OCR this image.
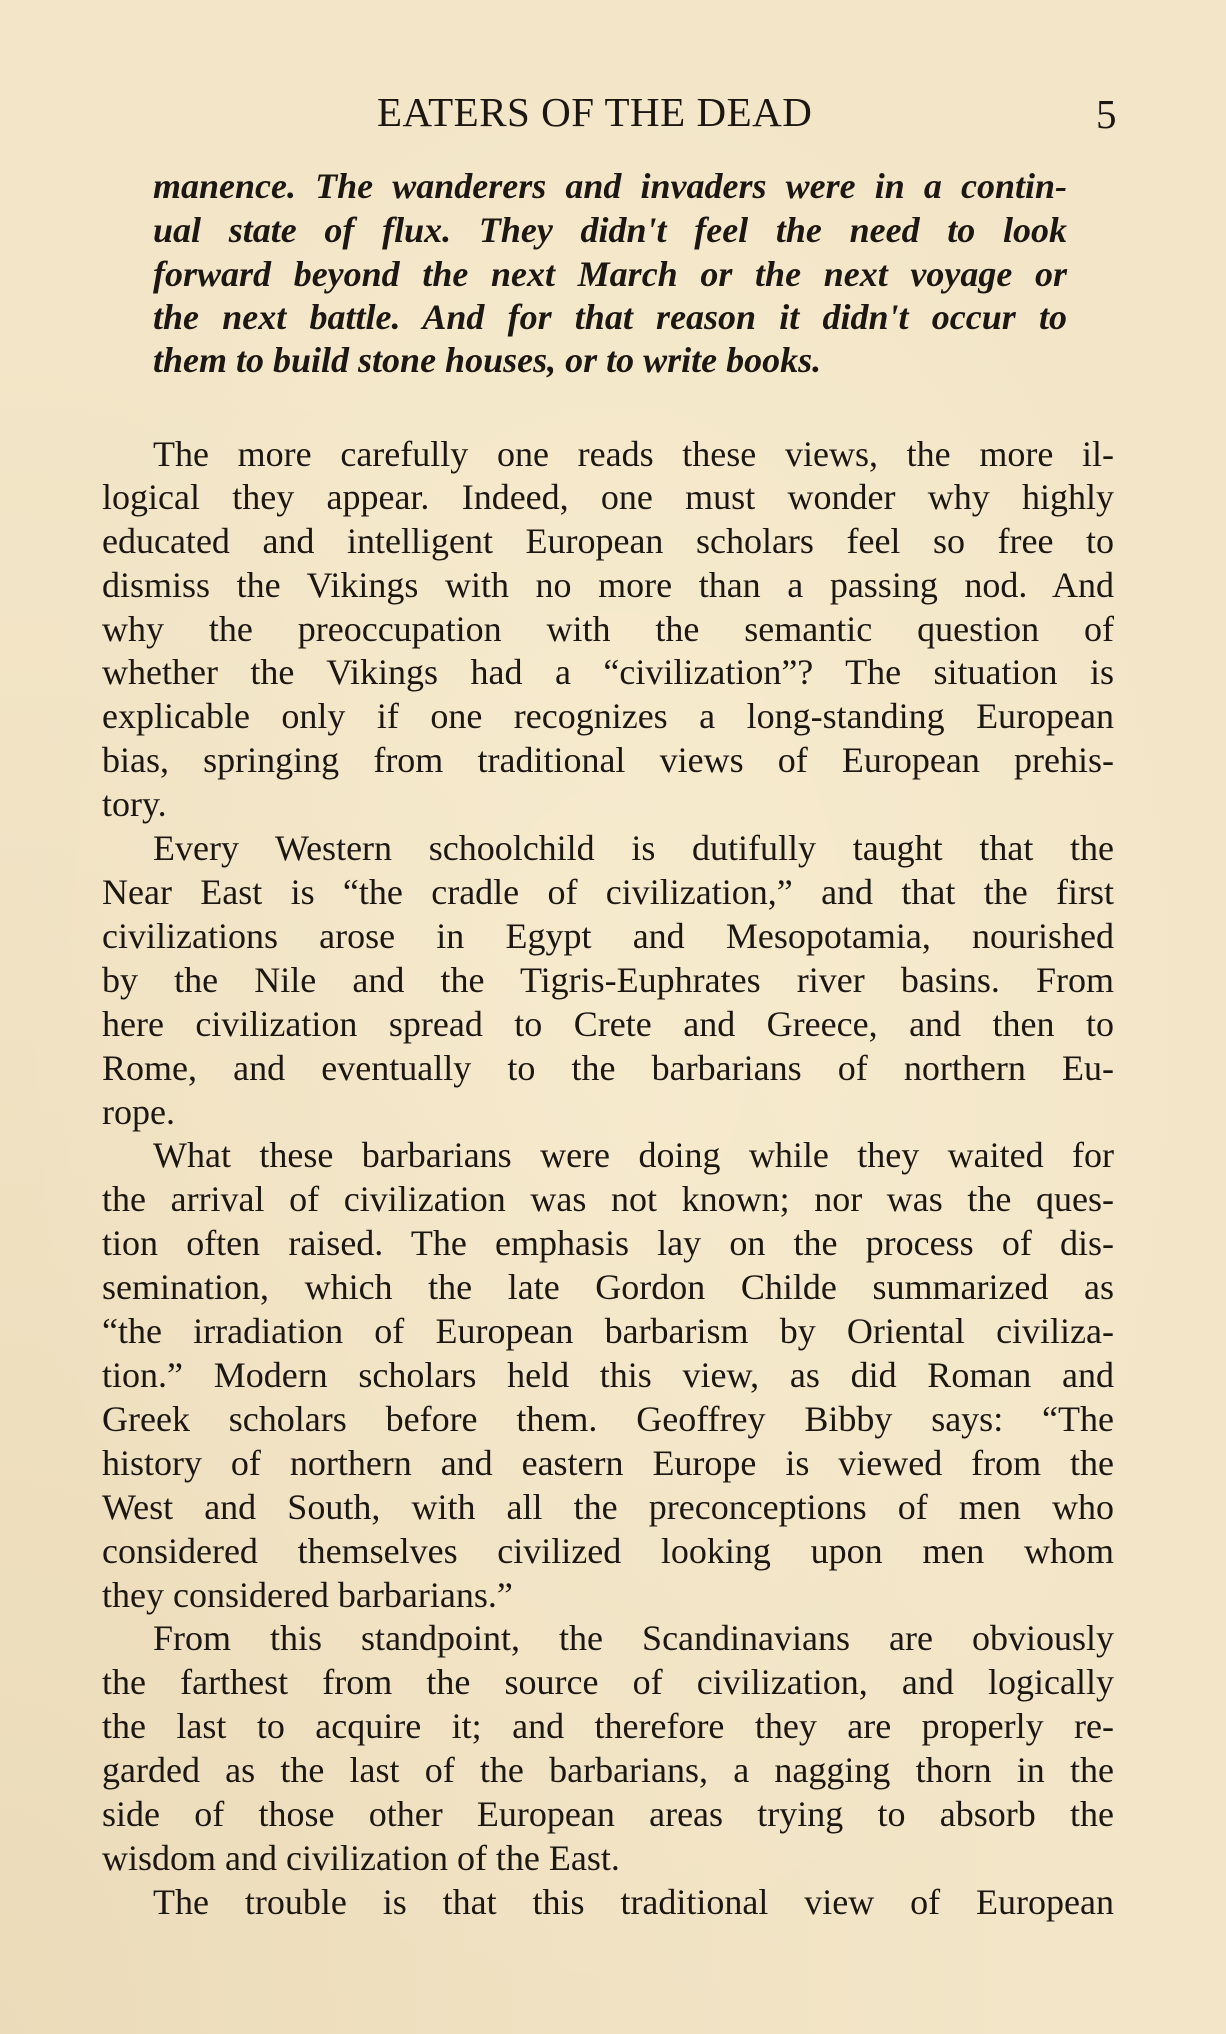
EATERS OF THE DEAD	5
manence. The wanderers and invaders were in a contin-
ual state of flux. They didn't feel the need to look
forward beyond the next March or the next voyage or
the next battle. And for that reason it didn't occur to
them to build stone houses, or to write books.
The more carefully one reads these views, the more il-
logical they appear. Indeed, one must wonder why highly
educated and intelligent European scholars feel so free to
dismiss the Vikings with no more than a passing nod. And
why the preoccupation with the semantic question of
whether the Vikings had a “civilization”? The situation is
explicable only if one recognizes a long-standing European
bias, springing from traditional views of European prehis-
tory.
Every Western schoolchild is dutifully taught that the
Near East is “the cradle of civilization,” and that the first
civilizations arose in Egypt and Mesopotamia, nourished
by the Nile and the Tigris-Euphrates river basins. From
here civilization spread to Crete and Greece, and then to
Rome, and eventually to the barbarians of northern Eu-
rope.
What these barbarians were doing while they waited for
the arrival of civilization was not known; nor was the ques-
tion often raised. The emphasis lay on the process of dis-
semination, which the late Gordon Childe summarized as
“the irradiation of European barbarism by Oriental civiliza-
tion.” Modern scholars held this view, as did Roman and
Greek scholars before them. Geoffrey Bibby says: “The
history of northern and eastern Europe is viewed from the
West and South, with all the preconceptions of men who
considered themselves civilized looking upon men whom
they considered barbarians.”
From this standpoint, the Scandinavians are obviously
the farthest from the source of civilization, and logically
the last to acquire it; and therefore they are properly re-
garded as the last of the barbarians, a nagging thorn in the
side of those other European areas trying to absorb the
wisdom and civilization of the East.
The trouble is that this traditional view of European
